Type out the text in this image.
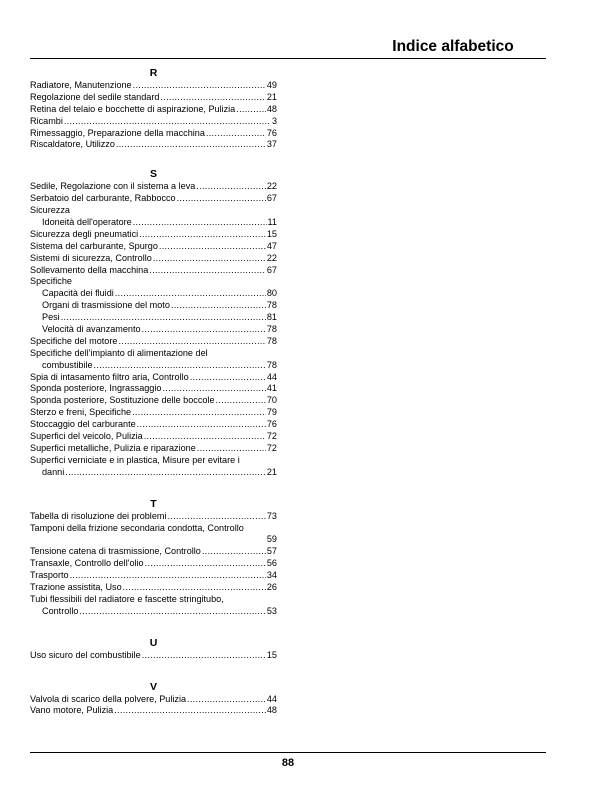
Indice alfabetico
R
Radiatore, Manutenzione .....	49
Regolazione del sedile standard .....	21
Retina del telaio e bocchette di aspirazione, Pulizia .....	48
Ricambi .....	3
Rimessaggio, Preparazione della macchina .....	76
Riscaldatore, Utilizzo .....	37
S
Sedile, Regolazione con il sistema a leva .....	22
Serbatoio del carburante, Rabbocco .....	67
Sicurezza
Idoneità dell'operatore .....	11
Sicurezza degli pneumatici .....	15
Sistema del carburante, Spurgo .....	47
Sistemi di sicurezza, Controllo .....	22
Sollevamento della macchina .....	67
Specifiche
Capacità dei fluidi .....	80
Organi di trasmissione del moto .....	78
Pesi .....	81
Velocità di avanzamento .....	78
Specifiche del motore .....	78
Specifiche dell'impianto di alimentazione del
combustibile .....	78
Spia di intasamento filtro aria, Controllo .....	44
Sponda posteriore, Ingrassaggio .....	41
Sponda posteriore, Sostituzione delle boccole .....	70
Sterzo e freni, Specifiche .....	79
Stoccaggio del carburante .....	76
Superfici del veicolo, Pulizia .....	72
Superfici metalliche, Pulizia e riparazione .....	72
Superfici verniciate e in plastica, Misure per evitare i
danni .....	21
T
Tabella di risoluzione dei problemi .....	73
Tamponi della frizione secondaria condotta, Controllo
59
Tensione catena di trasmissione, Controllo .....	57
Transaxle, Controllo dell'olio .....	56
Trasporto .....	34
Trazione assistita, Uso .....	26
Tubi flessibili del radiatore e fascette stringitubo,
Controllo .....	53
U
Uso sicuro del combustibile .....	15
V
Valvola di scarico della polvere, Pulizia .....	44
Vano motore, Pulizia .....	48
88
